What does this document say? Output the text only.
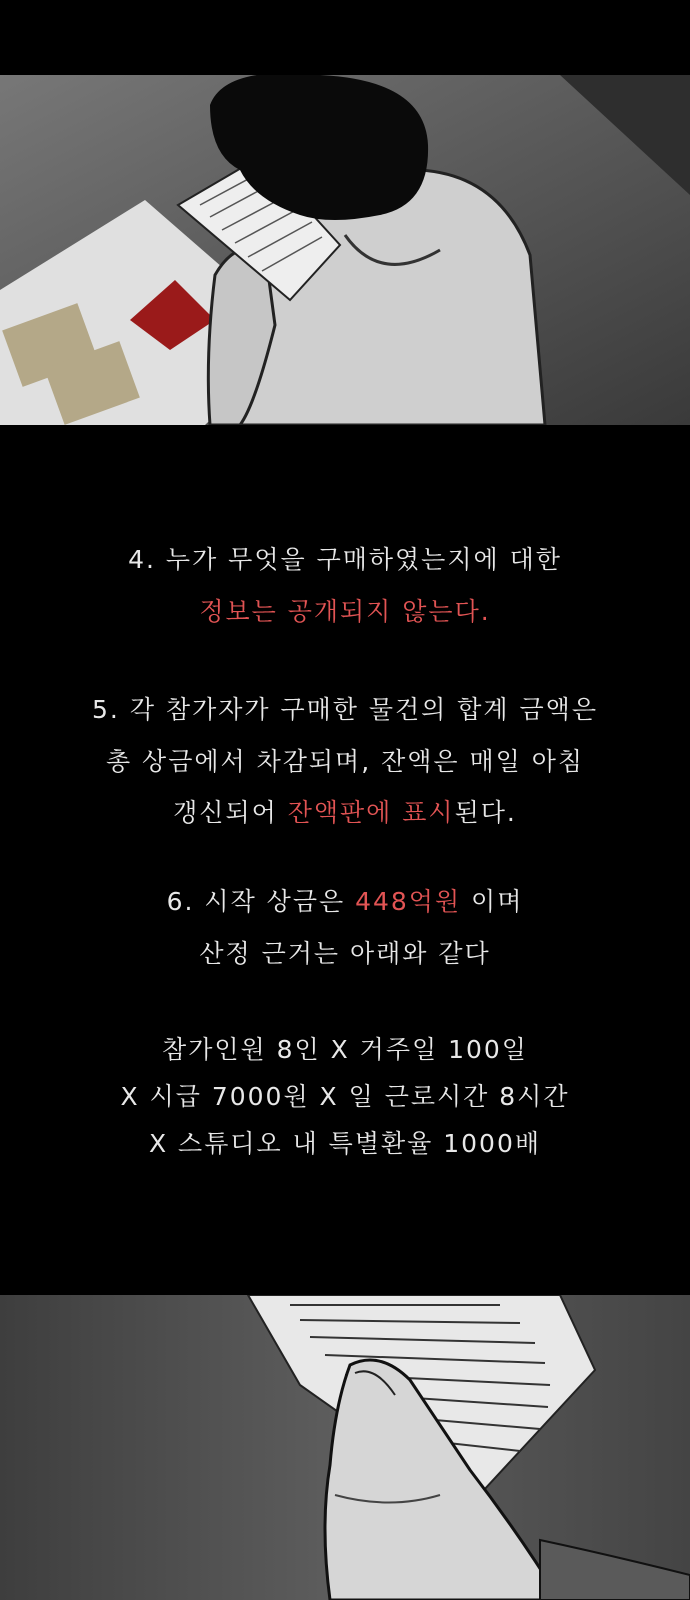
4. 누가 무엇을 구매하였는지에 대한
정보는 공개되지 않는다.
5. 각 참가자가 구매한 물건의 합계 금액은
총 상금에서 차감되며, 잔액은 매일 아침
갱신되어 잔액판에 표시된다.
6. 시작 상금은 448억원 이며
산정 근거는 아래와 같다
참가인원 8인 X 거주일 100일
X 시급 7000원 X 일 근로시간 8시간
X 스튜디오 내 특별환율 1000배
